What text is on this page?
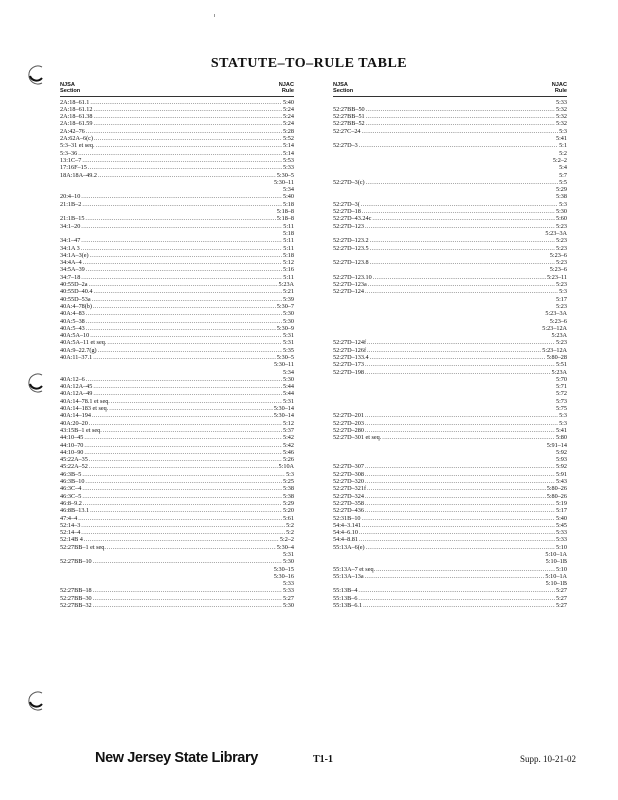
STATUTE–TO–RULE TABLE
NJSA
Section
NJAC
Rule
2A:18–61.1 . . .	5:40
2A:18–61.12 . . .	5:24
2A:18–61.38 . . .	5:24
2A:18–61.59 . . .	5:24
2A:42–76 . . .	5:28
2A:62A–6(c) . . .	5:52
5:3–31 et seq. . . .	5:14
5:3–36 . . .	5:14
13:1C–7 . . .	5:53
17:16F–15 . . .	5:33
18A:18A–49.2 . . .	5:30–5
5:30–11
5:34
20:4–10 . . .	5:40
21:1B–2 . . .	5:18
5:18–8
21:1B–15 . . .	5:18–8
34:1–20 . . .	5:11
5:18
34:1–47 . . .	5:11
34:1A 3 . . .	5:11
34:1A–3(e) . . .	5:18
34:4A–4 . . .	5:12
34:5A–39 . . .	5:16
34:7–18 . . .	5:11
40:55D–2a . . .	5:23A
40:55D–40.4 . . .	5:21
40:55D–53a . . .	5:39
40A:4–78(b) . . .	5:30–7
40A:4–83 . . .	5:30
40A:5–38 . . .	5:30
40A:5–43 . . .	5:30–9
40A:5A–10 . . .	5:31
40A:5A–11 et seq. . . .	5:31
40A:9–22.7(g) . . .	5:35
40A:11–37.1 . . .	5:30–5
5:30–11
5:34
40A:12–6 . . .	5:30
40A:12A–45 . . .	5:44
40A:12A–49 . . .	5:44
40A:14–78.1 et seq. . . .	5:31
40A:14–183 et seq. . . .	5:30–14
40A:14–194 . . .	5:30–14
40A:20–20 . . .	5:12
43:15B–1 et seq. . . .	5:37
44:10–45 . . .	5:42
44:10–70 . . .	5:42
44:10–90 . . .	5:46
45:22A–35 . . .	5:26
45:22A–52 . . .	5:10A
46:3B–5 . . .	5:3
46:3B–10 . . .	5:25
46:3C–4 . . .	5:38
46:3C–5 . . .	5:38
46:8–9.2 . . .	5:29
46:8B–13.1 . . .	5:20
47:4–4 . . .	5:61
52:14–3 . . .	5:2
52:14–4 . . .	5:2
52:14B 4 . . .	5:2–2
52:27BB–1 et seq. . . .	5:30–4
5:31
52:27BB–10 . . .	5:30
5:30–15
5:30–16
5:33
52:27BB–18 . . .	5:33
52:27BB–30 . . .	5:27
52:27BB–32 . . .	5:30
NJSA
Section
NJAC
Rule
5:33
52:27BB–50 . . .	5:32
52:27BB–51 . . .	5:32
52:27BB–52 . . .	5:32
52:27C–24 . . .	5:3
5:41
52:27D–3 . . .	5:1
5:2
5:2–2
5:4
5:7
52:27D–3(c) . . .	5:5
5:29
5:38
52:27D–3( . . .	5:3
52:27D–18 . . .	5:30
52:27D–43.24c . . .	5:60
52:27D–123 . . .	5:23
5:23–3A
52:27D–123.2 . . .	5:23
52:27D–123.5 . . .	5:23
5:23–6
52:27D–123.8 . . .	5:23
5:23–6
52:27D–123.10 . . .	5:23–11
52:27D–123a . . .	5:23
52:27D–124 . . .	5:3
5:17
5:23
5:23–3A
5:23–6
5:23–12A
5:23A
52:27D–124f . . .	5:23
52:27D–126f . . .	5:23–12A
52:27D–133.4 . . .	5:80–28
52:27D–173 . . .	5:51
52:27D–198 . . .	5:23A
5:70
5:71
5:72
5:73
5:75
52:27D–201 . . .	5:3
52:27D–203 . . .	5:3
52:27D–280 . . .	5:41
52:27D–301 et seq. . . .	5:80
5:91–14
5:92
5:93
52:27D–307 . . .	5:92
52:27D–308 . . .	5:91
52:27D–320 . . .	5:43
52:27D–321f . . .	5:80–26
52:27D–324 . . .	5:80–26
52:27D–358 . . .	5:19
52:27D–436 . . .	5:17
52:31B–10 . . .	5:40
54:4–3.141 . . .	5:45
54:4–6.10 . . .	5:33
54:4–8.81 . . .	5:33
55:13A–6(e) . . .	5:10
5:10–1A
5:10–1B
55:13A–7 et seq. . . .	5:10
55:13A–13a . . .	5:10–1A
5:10–1B
55:13B–4 . . .	5:27
55:13B–6 . . .	5:27
55:13B–6.1 . . .	5:27
New Jersey State Library	T1-1	Supp. 10-21-02
